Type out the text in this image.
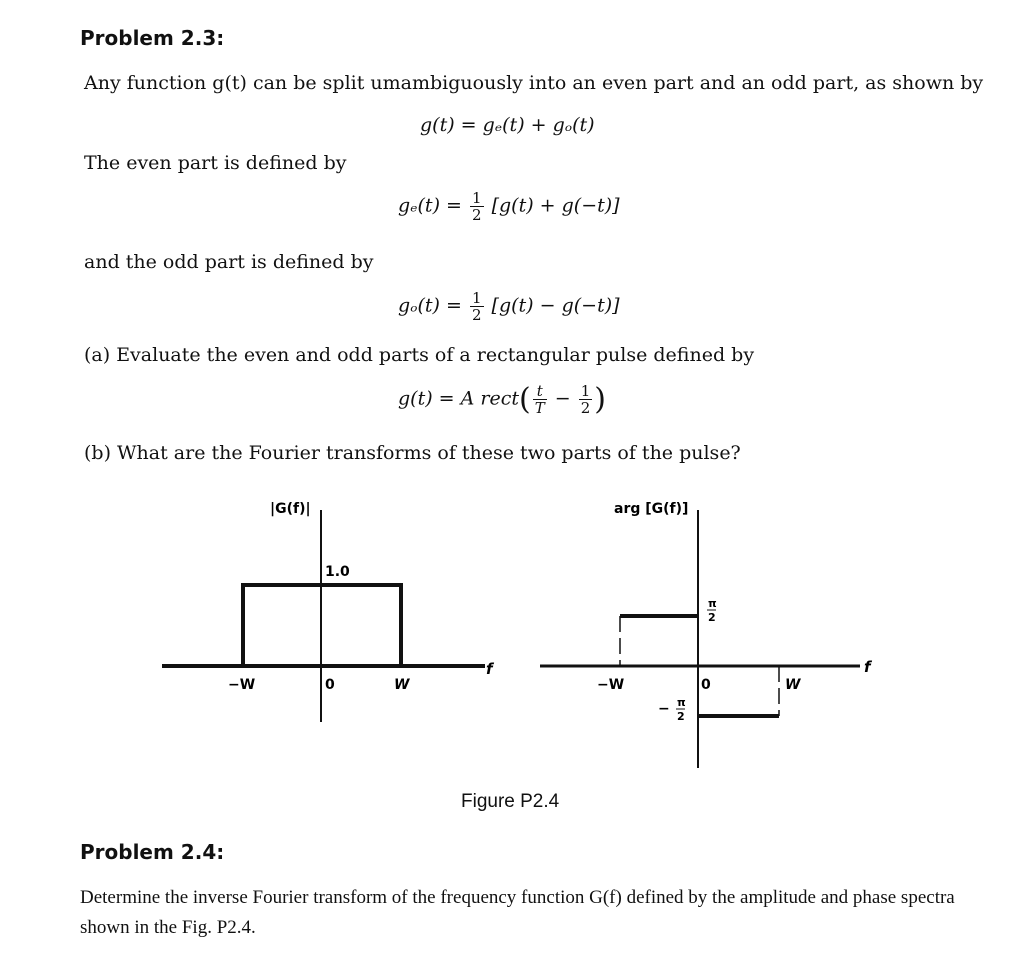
Problem 2.3:
Any function g(t) can be split umambiguously into an even part and an odd part, as shown by
g(t) = gₑ(t) + gₒ(t)
The even part is defined by
$g_e(t) = \frac{1}{2} [g(t) + g(-t)]$
and the odd part is defined by
$g_o(t) = \frac{1}{2} [g(t) - g(-t)]$
(a) Evaluate the even and odd parts of a rectangular pulse defined by
g(t) = A rect( $\frac{t}{T} - \frac{1}{2}$ )
(b) What are the Fourier transforms of these two parts of the pulse?
|G(f)|
1.0
−W	0	W
f
arg [G(f)]
π
2
− π
2
−W	0	W
f
Figure P2.4
Problem 2.4:
Determine the inverse Fourier transform of the frequency function G(f) defined by the amplitude and phase spectra shown in the Fig. P2.4.
